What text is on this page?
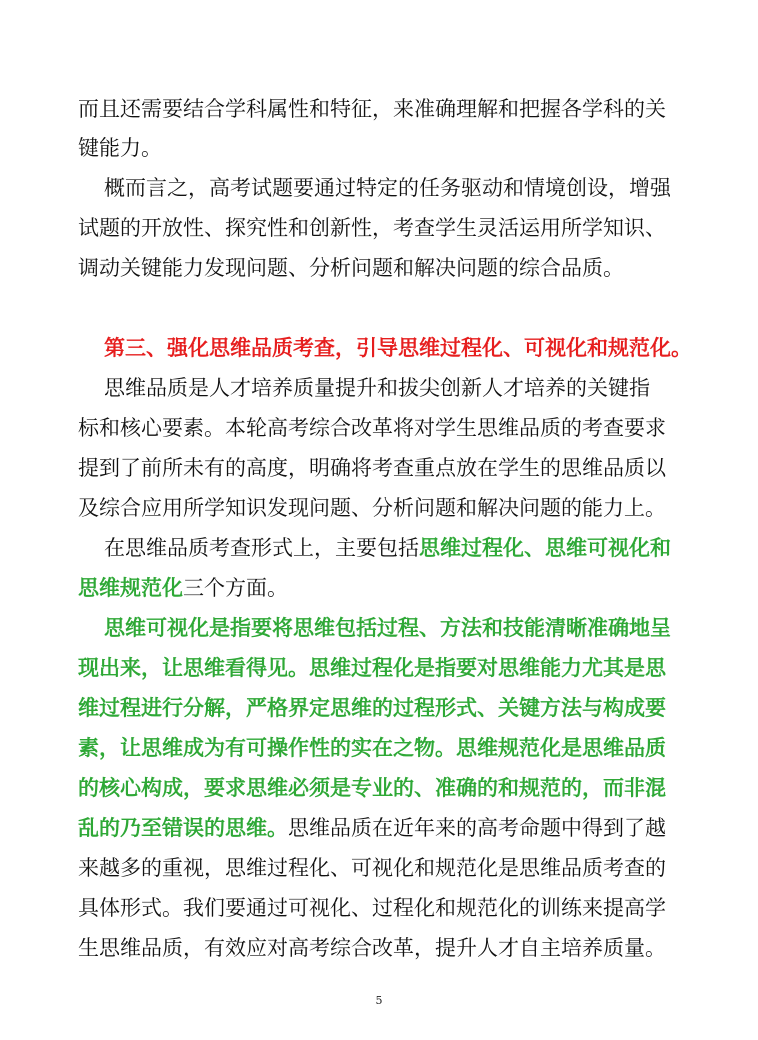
而且还需要结合学科属性和特征，来准确理解和把握各学科的关
键能力。
概而言之，高考试题要通过特定的任务驱动和情境创设，增强
试题的开放性、探究性和创新性，考查学生灵活运用所学知识、
调动关键能力发现问题、分析问题和解决问题的综合品质。
第三、强化思维品质考查，引导思维过程化、可视化和规范化。
思维品质是人才培养质量提升和拔尖创新人才培养的关键指
标和核心要素。本轮高考综合改革将对学生思维品质的考查要求
提到了前所未有的高度，明确将考查重点放在学生的思维品质以
及综合应用所学知识发现问题、分析问题和解决问题的能力上。
在思维品质考查形式上，主要包括思维过程化、思维可视化和
思维规范化三个方面。
思维可视化是指要将思维包括过程、方法和技能清晰准确地呈
现出来，让思维看得见。思维过程化是指要对思维能力尤其是思
维过程进行分解，严格界定思维的过程形式、关键方法与构成要
素，让思维成为有可操作性的实在之物。思维规范化是思维品质
的核心构成，要求思维必须是专业的、准确的和规范的，而非混
乱的乃至错误的思维。思维品质在近年来的高考命题中得到了越
来越多的重视，思维过程化、可视化和规范化是思维品质考查的
具体形式。我们要通过可视化、过程化和规范化的训练来提高学
生思维品质，有效应对高考综合改革，提升人才自主培养质量。
5
